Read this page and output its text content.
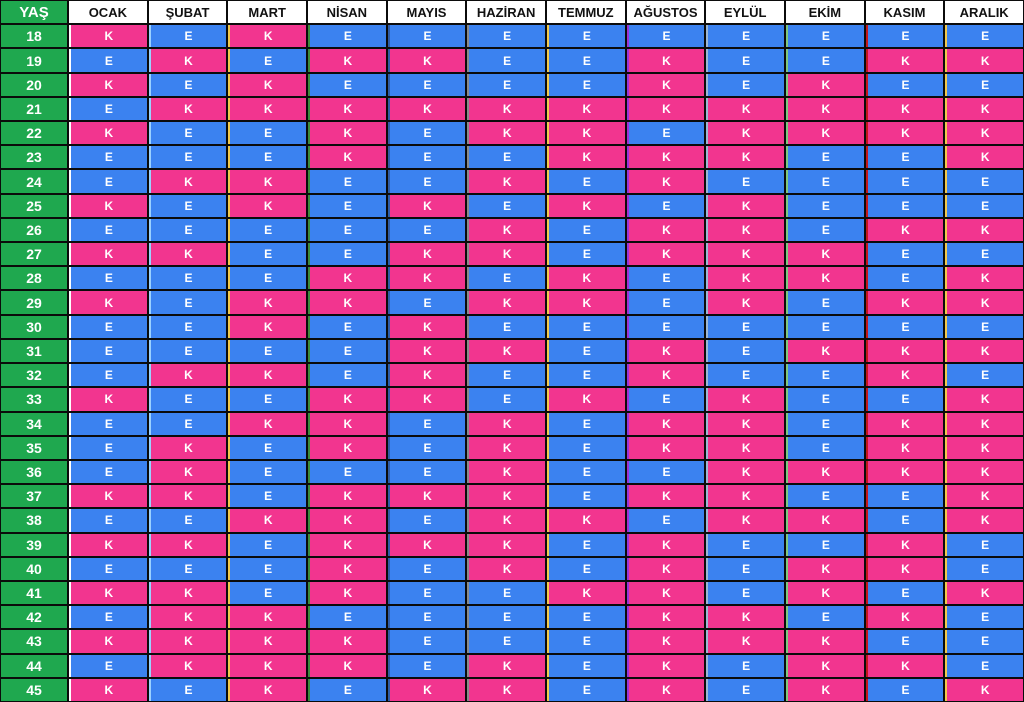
YAŞ	OCAK	ŞUBAT	MART	NİSAN	MAYIS	HAZİRAN	TEMMUZ	AĞUSTOS	EYLÜL	EKİM	KASIM	ARALIK
18	K	E	K	E	E	E	E	E	E	E	E	E
19	E	K	E	K	K	E	E	K	E	E	K	K
20	K	E	K	E	E	E	E	K	E	K	E	E
21	E	K	K	K	K	K	K	K	K	K	K	K
22	K	E	E	K	E	K	K	E	K	K	K	K
23	E	E	E	K	E	E	K	K	K	E	E	K
24	E	K	K	E	E	K	E	K	E	E	E	E
25	K	E	K	E	K	E	K	E	K	E	E	E
26	E	E	E	E	E	K	E	K	K	E	K	K
27	K	K	E	E	K	K	E	K	K	K	E	E
28	E	E	E	K	K	E	K	E	K	K	E	K
29	K	E	K	K	E	K	K	E	K	E	K	K
30	E	E	K	E	K	E	E	E	E	E	E	E
31	E	E	E	E	K	K	E	K	E	K	K	K
32	E	K	K	E	K	E	E	K	E	E	K	E
33	K	E	E	K	K	E	K	E	K	E	E	K
34	E	E	K	K	E	K	E	K	K	E	K	K
35	E	K	E	K	E	K	E	K	K	E	K	K
36	E	K	E	E	E	K	E	E	K	K	K	K
37	K	K	E	K	K	K	E	K	K	E	E	K
38	E	E	K	K	E	K	K	E	K	K	E	K
39	K	K	E	K	K	K	E	K	E	E	K	E
40	E	E	E	K	E	K	E	K	E	K	K	E
41	K	K	E	K	E	E	K	K	E	K	E	K
42	E	K	K	E	E	E	E	K	K	E	K	E
43	K	K	K	K	E	E	E	K	K	K	E	E
44	E	K	K	K	E	K	E	K	E	K	K	E
45	K	E	K	E	K	K	E	K	E	K	E	K
